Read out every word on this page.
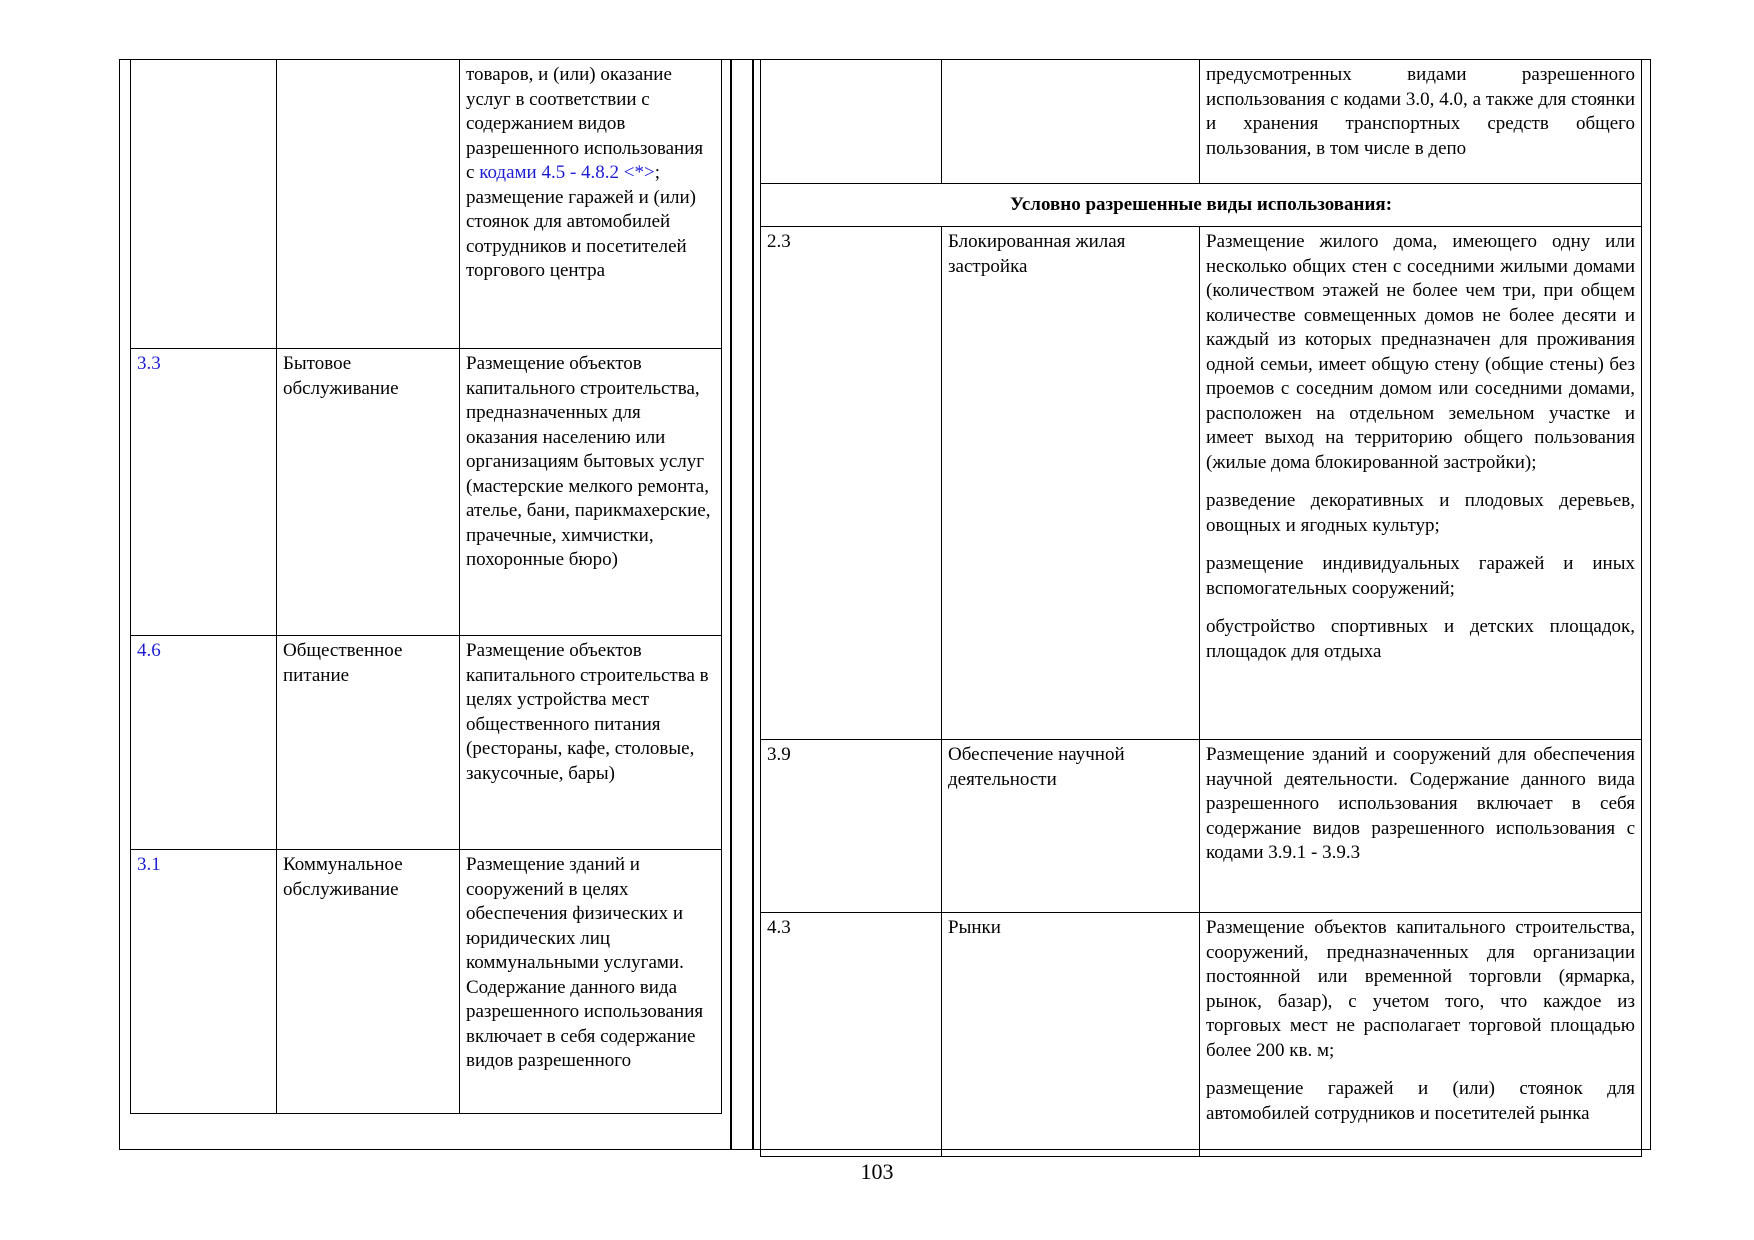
		товаров, и (или) оказание услуг в соответствии с содержанием видов разрешенного использования с кодами 4.5 - 4.8.2 <*>;
размещение гаражей и (или) стоянок для автомобилей сотрудников и посетителей торгового центра
3.3	Бытовое обслуживание	Размещение объектов капитального строительства, предназначенных для оказания населению или организациям бытовых услуг (мастерские мелкого ремонта, ателье, бани, парикмахерские, прачечные, химчистки, похоронные бюро)
4.6	Общественное питание	Размещение объектов капитального строительства в целях устройства мест общественного питания (рестораны, кафе, столовые, закусочные, бары)
3.1	Коммунальное обслуживание	Размещение зданий и сооружений в целях обеспечения физических и юридических лиц коммунальными услугами. Содержание данного вида разрешенного использования включает в себя содержание видов разрешенного
		предусмотренных видами разрешенного использования с кодами 3.0, 4.0, а также для стоянки и хранения транспортных средств общего пользования, в том числе в депо
Условно разрешенные виды использования:		
2.3	Блокированная жилая застройка	Размещение жилого дома, имеющего одну или несколько общих стен с соседними жилыми домами (количеством этажей не более чем три, при общем количестве совмещенных домов не более десяти и каждый из которых предназначен для проживания одной семьи, имеет общую стену (общие стены) без проемов с соседним домом или соседними домами, расположен на отдельном земельном участке и имеет выход на территорию общего пользования (жилые дома блокированной застройки);

разведение декоративных и плодовых деревьев, овощных и ягодных культур;

размещение индивидуальных гаражей и иных вспомогательных сооружений;

обустройство спортивных и детских площадок, площадок для отдыха

3.9	Обеспечение научной деятельности	Размещение зданий и сооружений для обеспечения научной деятельности. Содержание данного вида разрешенного использования включает в себя содержание видов разрешенного использования с кодами 3.9.1 - 3.9.3

4.3	Рынки	Размещение объектов капитального строительства, сооружений, предназначенных для организации постоянной или временной торговли (ярмарка, рынок, базар), с учетом того, что каждое из торговых мест не располагает торговой площадью более 200 кв. м;

размещение гаражей и (или) стоянок для автомобилей сотрудников и посетителей рынка

103
